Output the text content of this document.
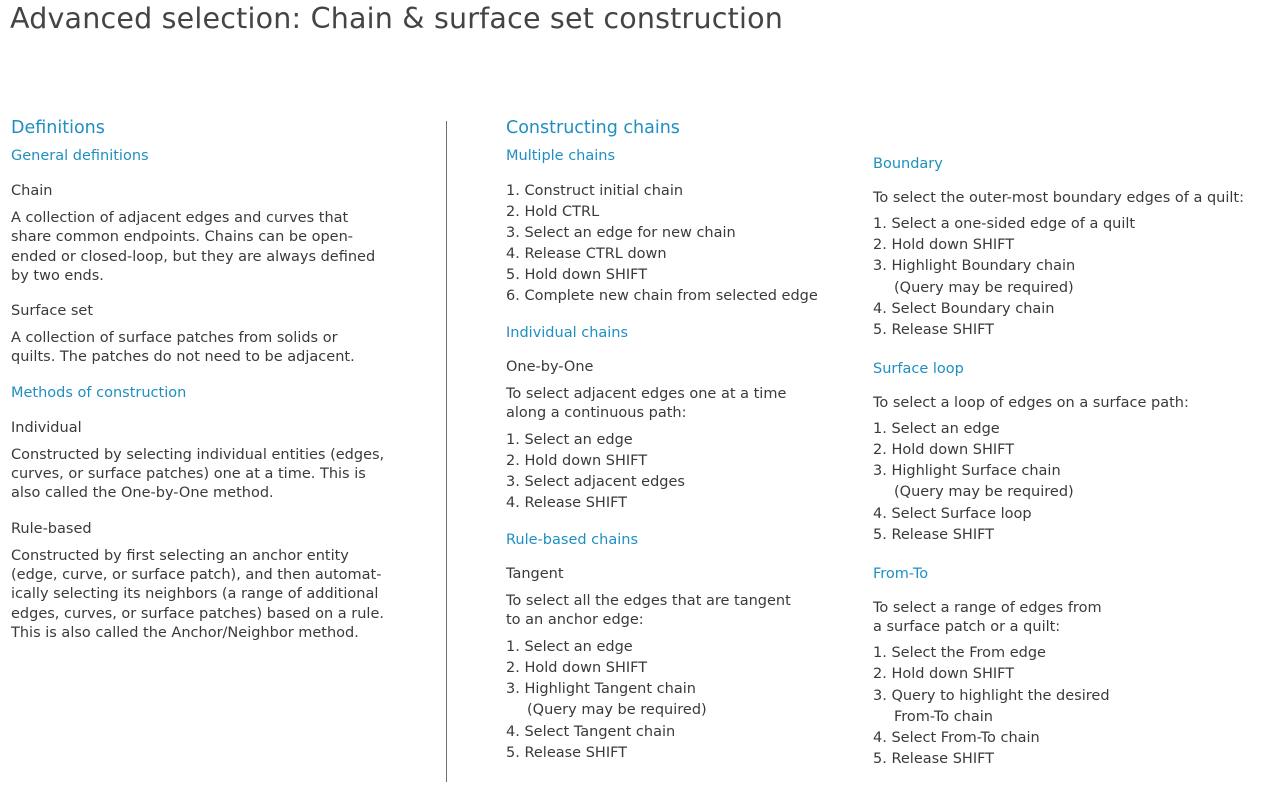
Advanced selection: Chain & surface set construction
Definitions
General definitions
Chain
A collection of adjacent edges and curves that
share common endpoints. Chains can be open-
ended or closed-loop, but they are always defined
by two ends.
Surface set
A collection of surface patches from solids or
quilts. The patches do not need to be adjacent.
Methods of construction
Individual
Constructed by selecting individual entities (edges,
curves, or surface patches) one at a time. This is
also called the One-by-One method.
Rule-based
Constructed by first selecting an anchor entity
(edge, curve, or surface patch), and then automat-
ically selecting its neighbors (a range of additional
edges, curves, or surface patches) based on a rule.
This is also called the Anchor/Neighbor method.
Constructing chains
Multiple chains
1. Construct initial chain
2. Hold CTRL
3. Select an edge for new chain
4. Release CTRL down
5. Hold down SHIFT
6. Complete new chain from selected edge
Individual chains
One-by-One
To select adjacent edges one at a time
along a continuous path:
1. Select an edge
2. Hold down SHIFT
3. Select adjacent edges
4. Release SHIFT
Rule-based chains
Tangent
To select all the edges that are tangent
to an anchor edge:
1. Select an edge
2. Hold down SHIFT
3. Highlight Tangent chain
(Query may be required)
4. Select Tangent chain
5. Release SHIFT
Boundary
To select the outer-most boundary edges of a quilt:
1. Select a one-sided edge of a quilt
2. Hold down SHIFT
3. Highlight Boundary chain
(Query may be required)
4. Select Boundary chain
5. Release SHIFT
Surface loop
To select a loop of edges on a surface path:
1. Select an edge
2. Hold down SHIFT
3. Highlight Surface chain
(Query may be required)
4. Select Surface loop
5. Release SHIFT
From-To
To select a range of edges from
a surface patch or a quilt:
1. Select the From edge
2. Hold down SHIFT
3. Query to highlight the desired
From-To chain
4. Select From-To chain
5. Release SHIFT
